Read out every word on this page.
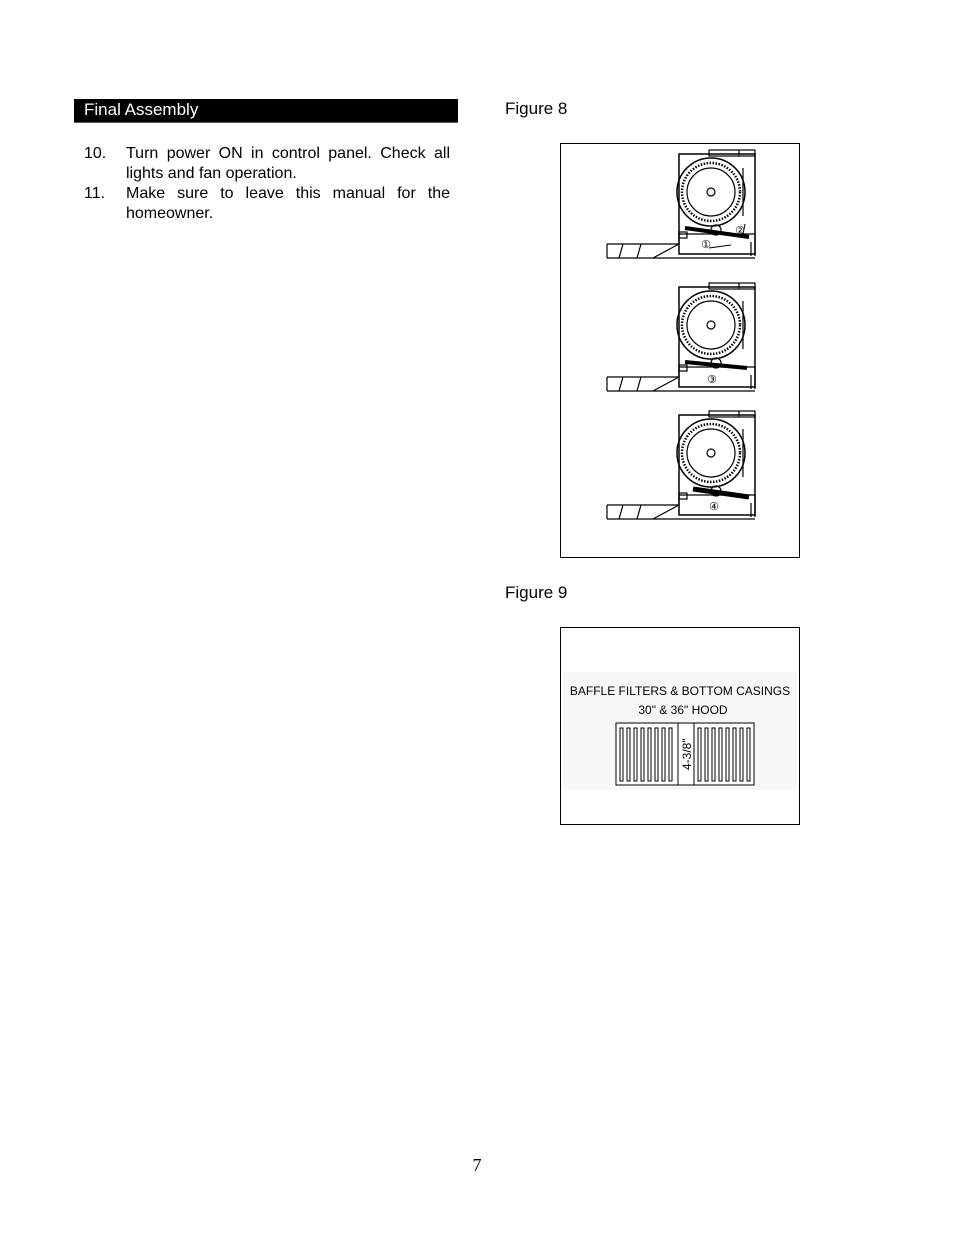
Final Assembly
10. Turn power ON in control panel. Check all lights and fan operation.
11. Make sure to leave this manual for the homeowner.
Figure 8
①
②
③
④
Figure 9
BAFFLE FILTERS & BOTTOM CASINGS
30" & 36" HOOD
4-3/8"
7
